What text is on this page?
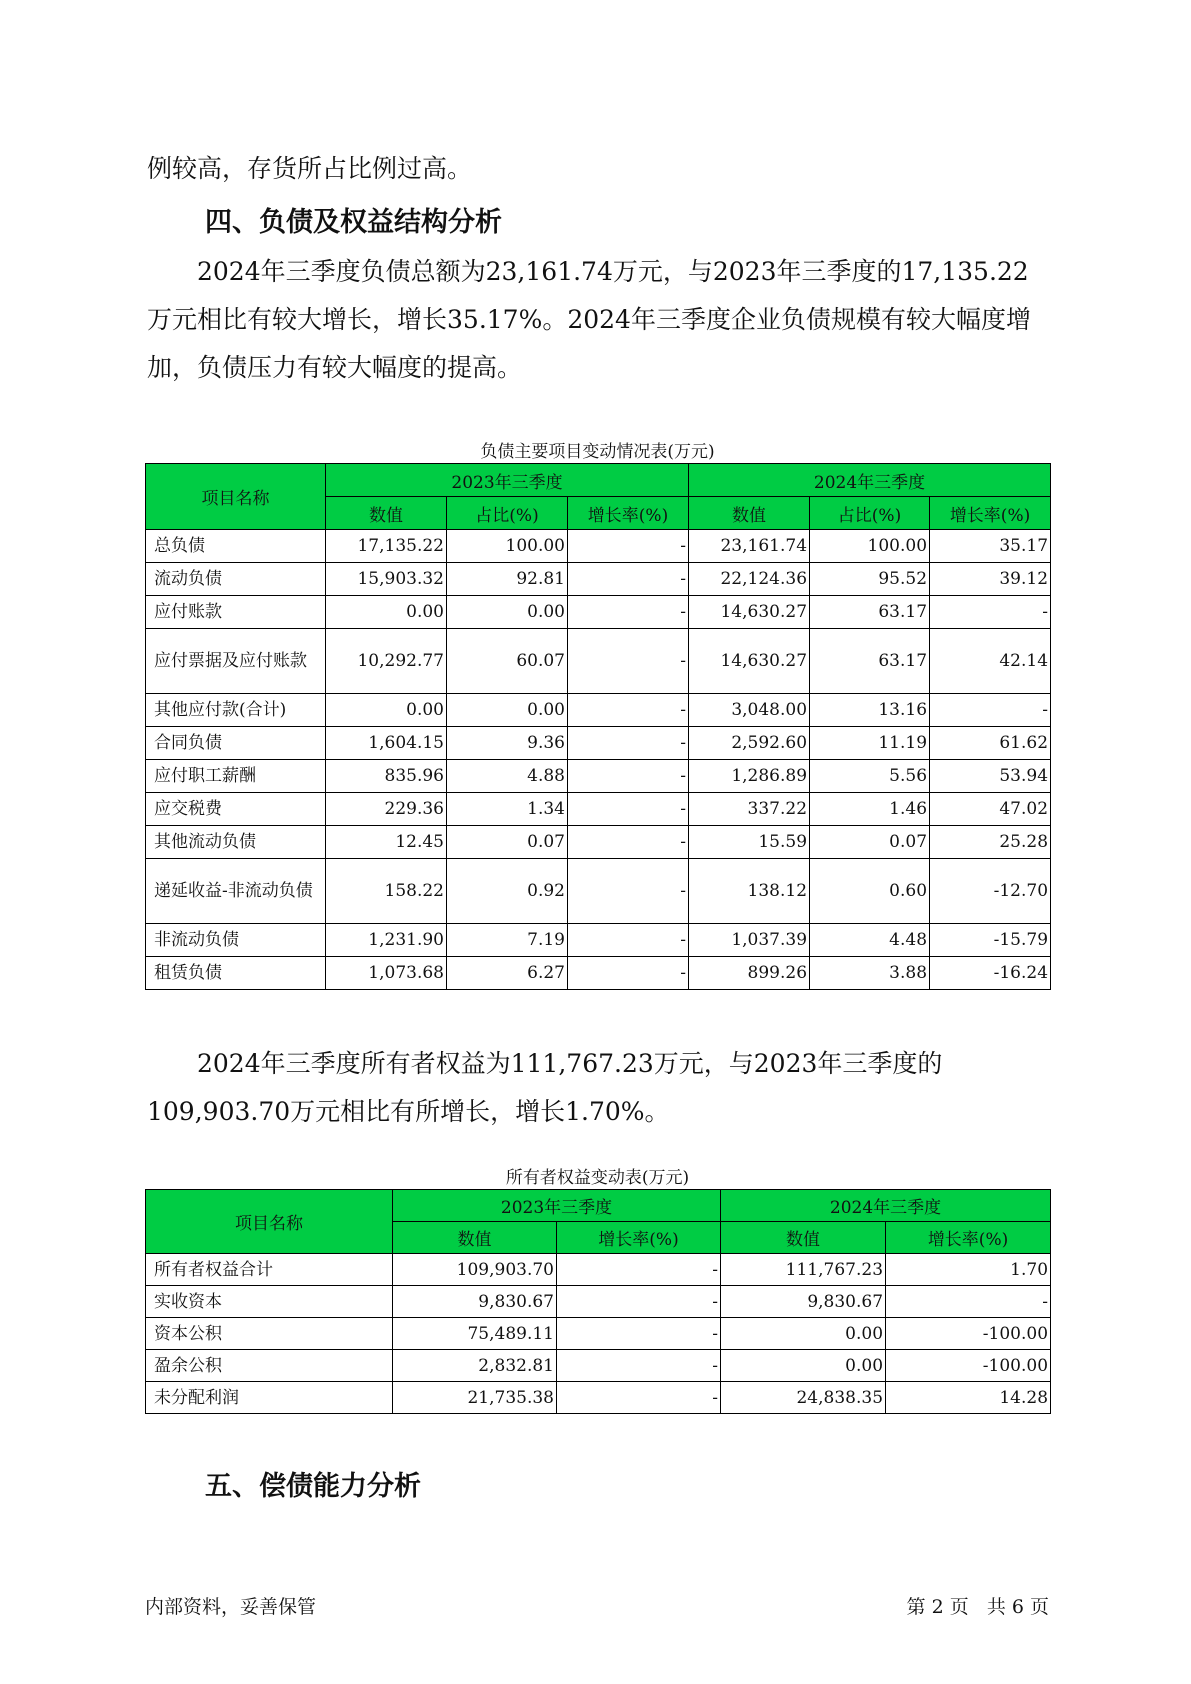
例较高，存货所占比例过高。

四、负债及权益结构分析

2024年三季度负债总额为23,161.74万元，与2023年三季度的17,135.22万元相比有较大增长，增长35.17%。2024年三季度企业负债规模有较大幅度增加，负债压力有较大幅度的提高。

负债主要项目变动情况表(万元)

项目名称	2023年三季度			2024年三季度		
	数值	占比(%)	增长率(%)	数值	占比(%)	增长率(%)
总负债	17,135.22	100.00	-	23,161.74	100.00	35.17
流动负债	15,903.32	92.81	-	22,124.36	95.52	39.12
应付账款	0.00	0.00	-	14,630.27	63.17	-
应付票据及应付账款	10,292.77	60.07	-	14,630.27	63.17	42.14
其他应付款(合计)	0.00	0.00	-	3,048.00	13.16	-
合同负债	1,604.15	9.36	-	2,592.60	11.19	61.62
应付职工薪酬	835.96	4.88	-	1,286.89	5.56	53.94
应交税费	229.36	1.34	-	337.22	1.46	47.02
其他流动负债	12.45	0.07	-	15.59	0.07	25.28
递延收益-非流动负债	158.22	0.92	-	138.12	0.60	-12.70
非流动负债	1,231.90	7.19	-	1,037.39	4.48	-15.79
租赁负债	1,073.68	6.27	-	899.26	3.88	-16.24

2024年三季度所有者权益为111,767.23万元，与2023年三季度的109,903.70万元相比有所增长，增长1.70%。

所有者权益变动表(万元)

项目名称	2023年三季度		2024年三季度	
	数值	增长率(%)	数值	增长率(%)
所有者权益合计	109,903.70	-	111,767.23	1.70
实收资本	9,830.67	-	9,830.67	-
资本公积	75,489.11	-	0.00	-100.00
盈余公积	2,832.81	-	0.00	-100.00
未分配利润	21,735.38	-	24,838.35	14.28
五、偿债能力分析

内部资料，妥善保管	第 2 页   共 6 页
